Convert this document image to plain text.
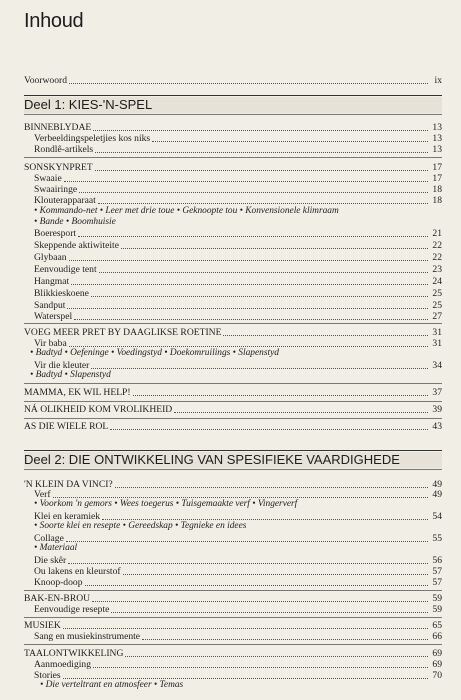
Inhoud
Voorwoord	ix
Deel 1: KIES-'N-SPEL
BINNEBLYDAE	13
Verbeeldingspeletjies kos niks	13
Rondlê-artikels	13
SONSKYNPRET	17
Swaaie	17
Swaairinge	18
Klouterapparaat	18
• Kommando-net • Leer met drie toue • Geknoopte tou • Konvensionele klimraam
• Bande • Boomhuisie
Boeresport	21
Skeppende aktiwiteite	22
Glybaan	22
Eenvoudige tent	23
Hangmat	24
Blikkieskoene	25
Sandput	25
Waterspel	27
VOEG MEER PRET BY DAAGLIKSE ROETINE	31
Vir baba	31
• Badtyd • Oefeninge • Voedingstyd • Doekomruilings • Slapenstyd
Vir die kleuter	34
• Badtyd • Slapenstyd
MAMMA, EK WIL HELP!	37
NÁ OLIKHEID KOM VROLIKHEID	39
AS DIE WIELE ROL	43
Deel 2: DIE ONTWIKKELING VAN SPESIFIEKE VAARDIGHEDE
'N KLEIN DA VINCI?	49
Verf	49
• Voorkom 'n gemors • Wees toegerus • Tuisgemaakte verf • Vingerverf
Klei en keramiek	54
• Soorte klei en resepte • Gereedskap • Tegnieke en idees
Collage	55
• Materiaal
Die skêr	56
Ou lakens en kleurstof	57
Knoop-doop	57
BAK-EN-BROU	59
Eenvoudige resepte	59
MUSIEK	65
Sang en musiekinstrumente	66
TAALONTWIKKELING	69
Aanmoediging	69
Stories	70
• Die verteltrant en atmosfeer • Temas
